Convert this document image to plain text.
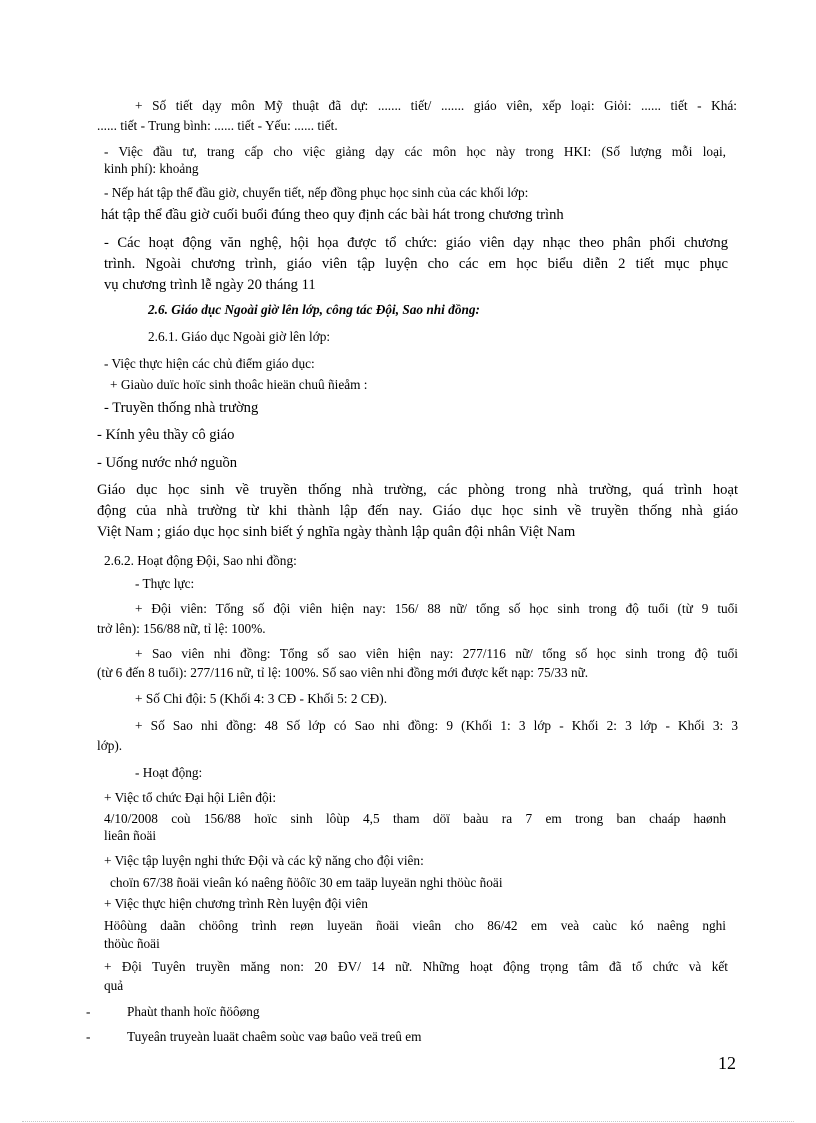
+ Số tiết dạy môn Mỹ thuật đã dự: ....... tiết/ ....... giáo viên, xếp loại: Giỏi: ...... tiết - Khá:
...... tiết - Trung bình: ...... tiết - Yếu: ...... tiết.
- Việc đầu tư, trang cấp cho việc giảng dạy các môn học này trong HKI: (Số lượng mỗi loại,
kinh phí): khoảng
- Nếp hát tập thể đầu giờ, chuyển tiết, nếp đồng phục học sinh của các khối lớp:
hát tập thể đầu giờ cuối buổi đúng theo quy định các bài hát trong chương trình
- Các hoạt động văn nghệ, hội họa được tổ chức: giáo viên dạy nhạc theo phân phối chương
trình. Ngoài chương trình, giáo viên tập luyện cho các em học biểu diễn 2 tiết mục phục
vụ chương trình lễ ngày 20 tháng 11
2.6. Giáo dục Ngoài giờ lên lớp, công tác Đội, Sao nhi đồng:
2.6.1. Giáo dục Ngoài giờ lên lớp:
- Việc thực hiện các chủ điểm giáo dục:
+ Giaùo duïc hoïc sinh thoâc hieän chuû ñieåm :
- Truyền thống nhà trường
- Kính yêu thầy cô giáo
- Uống nước nhớ nguồn
Giáo dục học sinh về truyền thống nhà trường, các phòng trong nhà trường, quá trình hoạt
động của nhà trường từ khi thành lập đến nay. Giáo dục học sinh về truyền thống nhà giáo
Việt Nam ; giáo dục học sinh biết ý nghĩa ngày thành lập quân đội nhân Việt Nam
2.6.2. Hoạt động Đội, Sao nhi đồng:
- Thực lực:
+ Đội viên: Tổng số đội viên hiện nay: 156/ 88 nữ/ tổng số học sinh trong độ tuổi (từ 9 tuổi
trở lên): 156/88 nữ, tỉ lệ: 100%.
+ Sao viên nhi đồng: Tổng số sao viên hiện nay: 277/116 nữ/ tổng số học sinh trong độ tuổi
(từ 6 đến 8 tuổi): 277/116 nữ, tỉ lệ: 100%. Số sao viên nhi đồng mới được kết nạp: 75/33 nữ.
+ Số Chi đội: 5 (Khối 4: 3 CĐ - Khối 5: 2 CĐ).
+ Số Sao nhi đồng: 48 Số lớp có Sao nhi đồng: 9 (Khối 1: 3 lớp - Khối 2: 3 lớp - Khối 3: 3
lớp).
- Hoạt động:
+ Việc tổ chức Đại hội Liên đội:
4/10/2008 coù 156/88 hoïc sinh lôùp 4,5 tham döï baàu ra 7 em trong ban chaáp haønh
lieân ñoäi
+ Việc tập luyện nghi thức Đội và các kỹ năng cho đội viên:
choïn 67/38 ñoäi vieân kó naêng ñöôïc 30 em taäp luyeän nghi thöùc ñoäi
+ Việc thực hiện chương trình Rèn luyện đội viên
Höôùng daãn chöông trình reøn luyeän ñoäi vieân cho 86/42 em veà caùc kó naêng nghi
thöùc ñoäi
+ Đội Tuyên truyền măng non: 20 ĐV/ 14 nữ. Những hoạt động trọng tâm đã tổ chức và kết
quả
-	Phaùt thanh hoïc ñöôøng
-	Tuyeân truyeàn luaät chaêm soùc vaø baûo veä treû em
12
